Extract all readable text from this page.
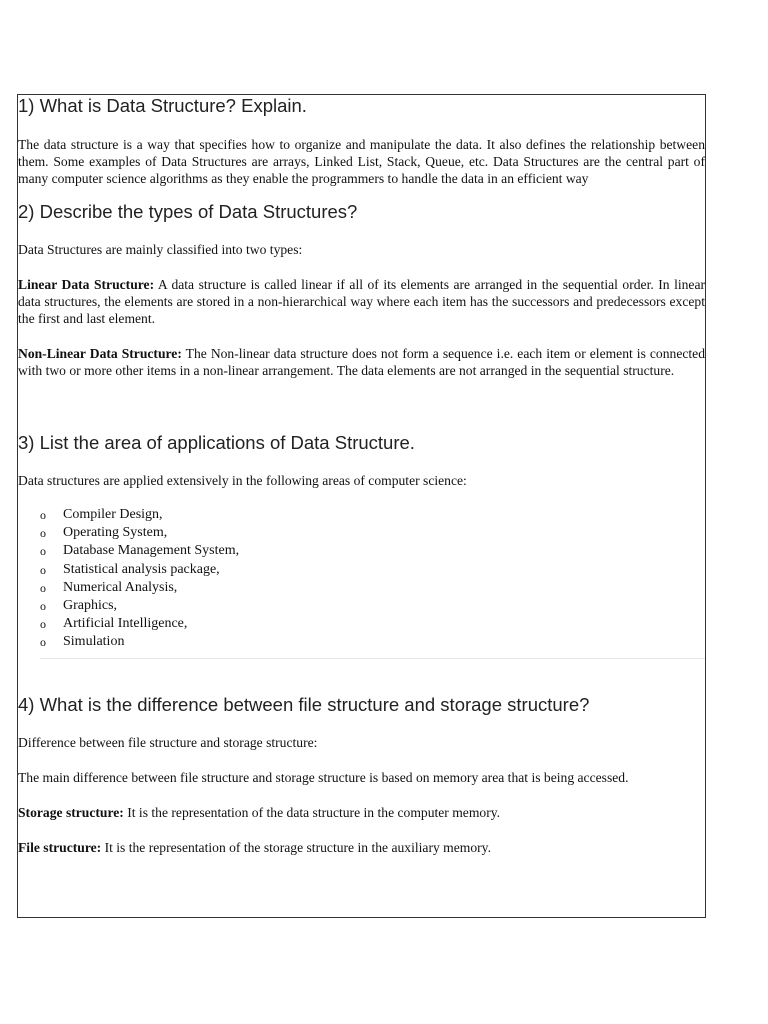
1) What is Data Structure? Explain.

The data structure is a way that specifies how to organize and manipulate the data. It also defines the relationship between them. Some examples of Data Structures are arrays, Linked List, Stack, Queue, etc. Data Structures are the central part of many computer science algorithms as they enable the programmers to handle the data in an efficient way

2) Describe the types of Data Structures?

Data Structures are mainly classified into two types:

Linear Data Structure: A data structure is called linear if all of its elements are arranged in the sequential order. In linear data structures, the elements are stored in a non-hierarchical way where each item has the successors and predecessors except the first and last element.

Non-Linear Data Structure: The Non-linear data structure does not form a sequence i.e. each item or element is connected with two or more other items in a non-linear arrangement. The data elements are not arranged in the sequential structure.

3) List the area of applications of Data Structure.

Data structures are applied extensively in the following areas of computer science:

o Compiler Design,
o Operating System,
o Database Management System,
o Statistical analysis package,
o Numerical Analysis,
o Graphics,
o Artificial Intelligence,
o Simulation
4) What is the difference between file structure and storage structure?

Difference between file structure and storage structure:

The main difference between file structure and storage structure is based on memory area that is being accessed.

Storage structure: It is the representation of the data structure in the computer memory.

File structure: It is the representation of the storage structure in the auxiliary memory.
